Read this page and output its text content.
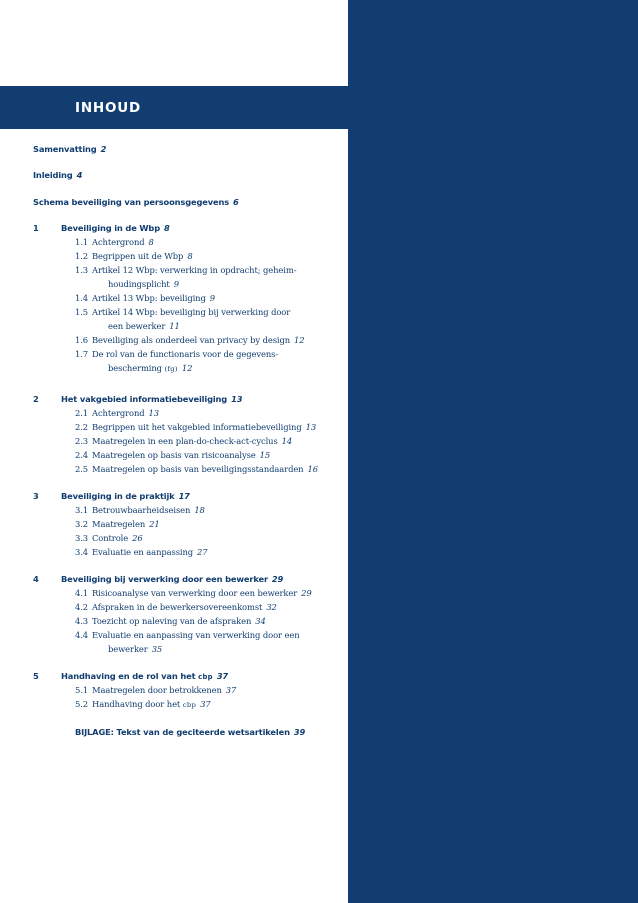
INHOUD
Samenvatting 2
Inleiding 4
Schema beveiliging van persoonsgegevens 6
1	Beveiliging in de Wbp 8
1.1 Achtergrond 8
1.2 Begrippen uit de Wbp 8
1.3 Artikel 12 Wbp: verwerking in opdracht; geheim-
houdingsplicht 9
1.4 Artikel 13 Wbp: beveiliging 9
1.5 Artikel 14 Wbp: beveiliging bij verwerking door
een bewerker 11
1.6 Beveiliging als onderdeel van privacy by design 12
1.7 De rol van de functionaris voor de gegevens-
bescherming (fg) 12
2	Het vakgebied informatiebeveiliging 13
2.1 Achtergrond 13
2.2 Begrippen uit het vakgebied informatiebeveiliging 13
2.3 Maatregelen in een plan-do-check-act-cyclus 14
2.4 Maatregelen op basis van risicoanalyse 15
2.5 Maatregelen op basis van beveiligingsstandaarden 16
3	Beveiliging in de praktijk 17
3.1 Betrouwbaarheidseisen 18
3.2 Maatregelen 21
3.3 Controle 26
3.4 Evaluatie en aanpassing 27
4	Beveiliging bij verwerking door een bewerker 29
4.1 Risicoanalyse van verwerking door een bewerker 29
4.2 Afspraken in de bewerkersovereenkomst 32
4.3 Toezicht op naleving van de afspraken 34
4.4 Evaluatie en aanpassing van verwerking door een
bewerker 35
5	Handhaving en de rol van het cbp 37
5.1 Maatregelen door betrokkenen 37
5.2 Handhaving door het cbp 37
BIJLAGE: Tekst van de geciteerde wetsartikelen 39
